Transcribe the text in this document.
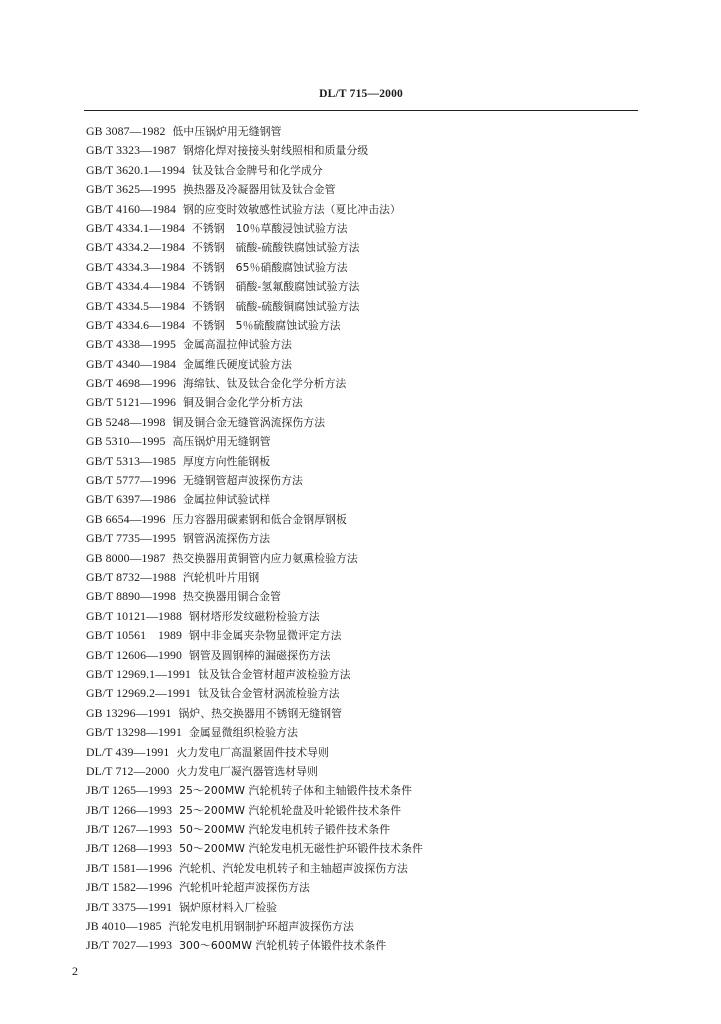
DL/T 715—2000
GB 3087—1982 低中压锅炉用无缝钢管
GB/T 3323—1987 钢熔化焊对接接头射线照相和质量分级
GB/T 3620.1—1994 钛及钛合金牌号和化学成分
GB/T 3625—1995 换热器及冷凝器用钛及钛合金管
GB/T 4160—1984 钢的应变时效敏感性试验方法（夏比冲击法）
GB/T 4334.1—1984 不锈钢　10％草酸浸蚀试验方法
GB/T 4334.2—1984 不锈钢　硫酸-硫酸铁腐蚀试验方法
GB/T 4334.3—1984 不锈钢　65％硝酸腐蚀试验方法
GB/T 4334.4—1984 不锈钢　硝酸-氢氟酸腐蚀试验方法
GB/T 4334.5—1984 不锈钢　硫酸-硫酸铜腐蚀试验方法
GB/T 4334.6—1984 不锈钢　5％硫酸腐蚀试验方法
GB/T 4338—1995 金属高温拉伸试验方法
GB/T 4340—1984 金属维氏硬度试验方法
GB/T 4698—1996 海绵钛、钛及钛合金化学分析方法
GB/T 5121—1996 铜及铜合金化学分析方法
GB 5248—1998 铜及铜合金无缝管涡流探伤方法
GB 5310—1995 高压锅炉用无缝钢管
GB/T 5313—1985 厚度方向性能钢板
GB/T 5777—1996 无缝钢管超声波探伤方法
GB/T 6397—1986 金属拉伸试验试样
GB 6654—1996 压力容器用碳素钢和低合金钢厚钢板
GB/T 7735—1995 钢管涡流探伤方法
GB 8000—1987 热交换器用黄铜管内应力氨熏检验方法
GB/T 8732—1988 汽轮机叶片用钢
GB/T 8890—1998 热交换器用铜合金管
GB/T 10121—1988 钢材塔形发纹磁粉检验方法
GB/T 10561　1989 钢中非金属夹杂物显微评定方法
GB/T 12606—1990 钢管及圆钢棒的漏磁探伤方法
GB/T 12969.1—1991 钛及钛合金管材超声波检验方法
GB/T 12969.2—1991 钛及钛合金管材涡流检验方法
GB 13296—1991 锅炉、热交换器用不锈钢无缝钢管
GB/T 13298—1991 金属显微组织检验方法
DL/T 439—1991 火力发电厂高温紧固件技术导则
DL/T 712—2000 火力发电厂凝汽器管选材导则
JB/T 1265—1993 25～200MW 汽轮机转子体和主轴锻件技术条件
JB/T 1266—1993 25～200MW 汽轮机轮盘及叶轮锻件技术条件
JB/T 1267—1993 50～200MW 汽轮发电机转子锻件技术条件
JB/T 1268—1993 50～200MW 汽轮发电机无磁性护环锻件技术条件
JB/T 1581—1996 汽轮机、汽轮发电机转子和主轴超声波探伤方法
JB/T 1582—1996 汽轮机叶轮超声波探伤方法
JB/T 3375—1991 锅炉原材料入厂检验
JB 4010—1985 汽轮发电机用钢制护环超声波探伤方法
JB/T 7027—1993 300～600MW 汽轮机转子体锻件技术条件
2
